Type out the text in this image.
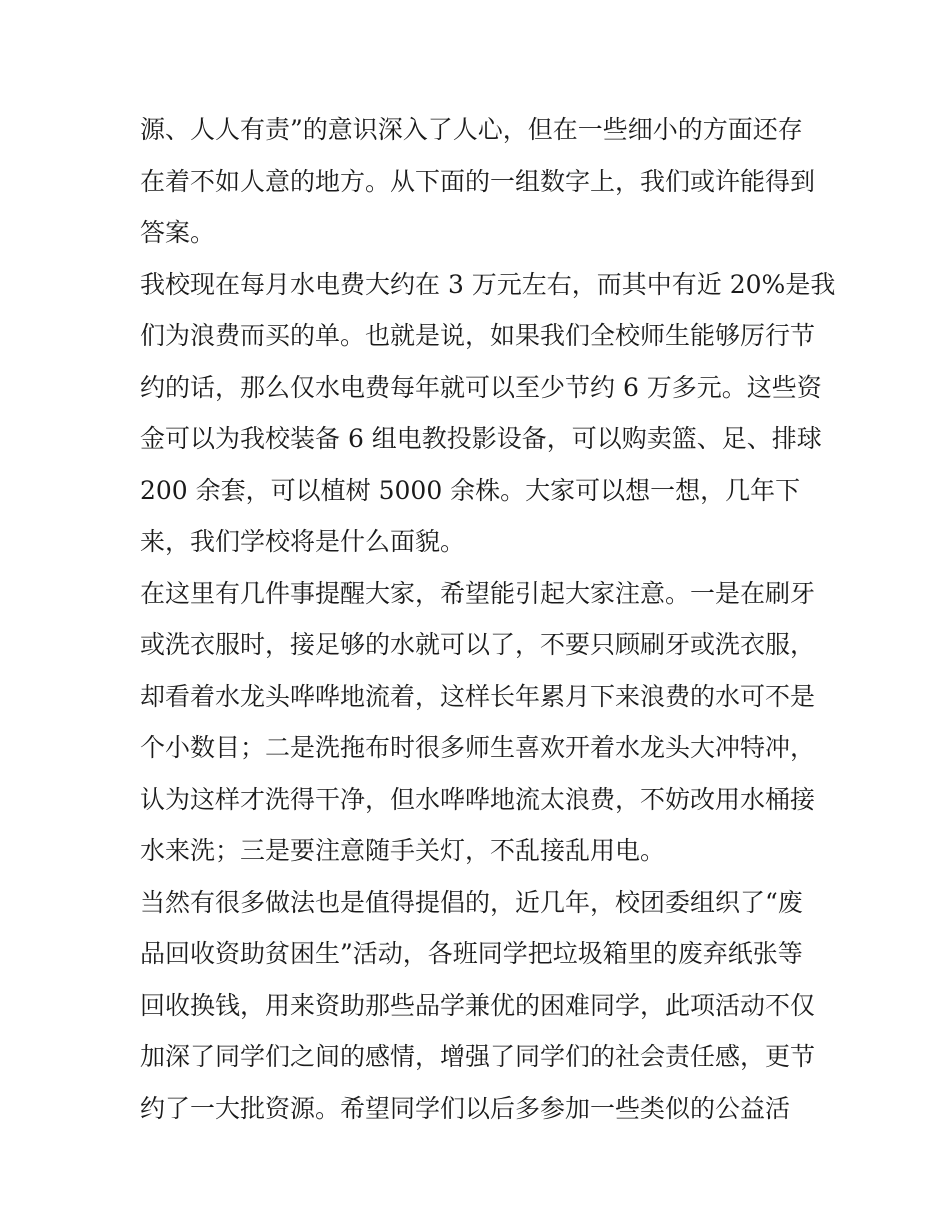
源、人人有责”的意识深入了人心，但在一些细小的方面还存
在着不如人意的地方。从下面的一组数字上，我们或许能得到
答案。
我校现在每月水电费大约在 3 万元左右，而其中有近 20%是我
们为浪费而买的单。也就是说，如果我们全校师生能够厉行节
约的话，那么仅水电费每年就可以至少节约 6 万多元。这些资
金可以为我校装备 6 组电教投影设备，可以购卖篮、足、排球
200 余套，可以植树 5000 余株。大家可以想一想，几年下
来，我们学校将是什么面貌。
在这里有几件事提醒大家，希望能引起大家注意。一是在刷牙
或洗衣服时，接足够的水就可以了，不要只顾刷牙或洗衣服，
却看着水龙头哗哗地流着，这样长年累月下来浪费的水可不是
个小数目；二是洗拖布时很多师生喜欢开着水龙头大冲特冲，
认为这样才洗得干净，但水哗哗地流太浪费，不妨改用水桶接
水来洗；三是要注意随手关灯，不乱接乱用电。
当然有很多做法也是值得提倡的，近几年，校团委组织了“废
品回收资助贫困生”活动，各班同学把垃圾箱里的废弃纸张等
回收换钱，用来资助那些品学兼优的困难同学，此项活动不仅
加深了同学们之间的感情，增强了同学们的社会责任感，更节
约了一大批资源。希望同学们以后多参加一些类似的公益活
